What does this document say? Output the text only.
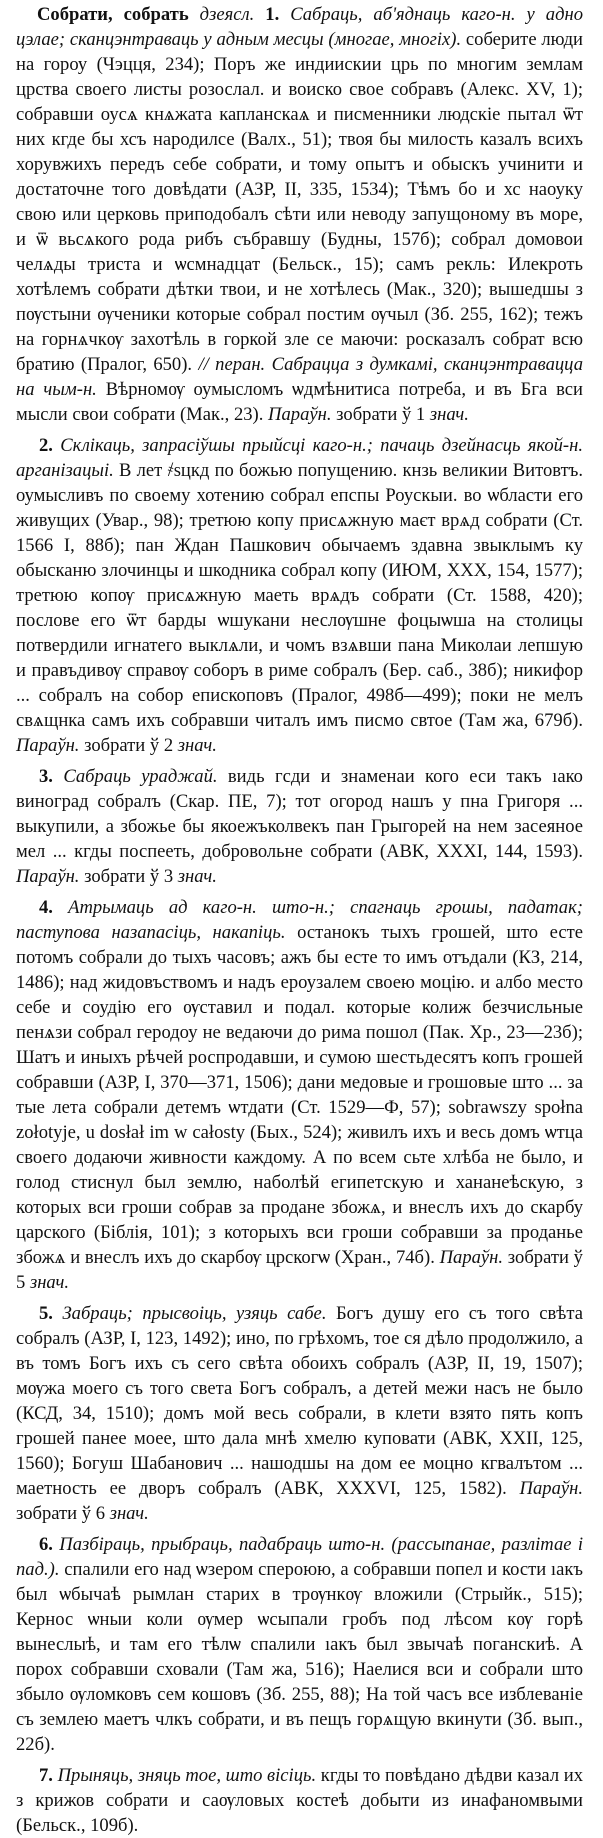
Собрати, собрать дзеясл. 1. Сабраць, аб'яднаць каго-н. у адно цэлае; сканцэнтраваць у адным месцы (многае, многіх). соберите люди на гороу (Чэцця, 234); Поръ же индиискии црь по многим землам црства своего листы розослал. и воиско свое собравъ (Алекс. XV, 1); собравши оусѧ кнѧжата капланскаѧ и писменники людскіе пытал ѿт них кгде бы хсъ народилсе (Валх., 51); твоя бы милость казалъ всихъ хорувжихъ передъ себе собрати, и тому опытъ и обыскъ учинити и достаточне того довѣдати (АЗР, II, 335, 1534); Тѣмъ бо и хс наоуку свою или церковь приподобалъ сѣти или неводу запущоному въ море, и ѿ вьсѧкого рода рибъ събравшу (Будны, 157б); собрал домовои челѧды триста и ѡсмнадцат (Бельск., 15); самъ рекль: Илекроть хотѣлемъ собрати дѣтки твои, и не хотѣлесь (Мак., 320); вышедшы з пѹстыни ѹченики которые собрал постим ѹчыл (Зб. 255, 162); тежъ на горнѧчкѹ захотѣль в горкой зле се маючи: росказалъ собрат всю братию (Пралог, 650). // перан. Сабрацца з думкамі, сканцэнтравацца на чым-н. Вѣрномѹ оумысломъ ѡдмѣнитиса потреба, и въ Бга вси мысли свои собрати (Мак., 23). Параўн. зобрати ў 1 знач.

2. Склікаць, запрасіўшы прыйсці каго-н.; пачаць дзейнасць якой-н. арганізацыі. В лет ҂ѕцкд по божью попущению. кнзь великии Витовтъ. оумысливъ по своему хотению собрал епспы Роускыи. во ѡбласти его живущих (Увар., 98); третюю копу присѧжную маєт врѧд собрати (Ст. 1566 I, 88б); пан Ждан Пашкович обычаемъ здавна звыклымъ ку обысканю злочинцы и шкодника собрал копу (ИЮМ, XXX, 154, 1577); третюю копѹ присѧжную маеть врѧдъ собрати (Ст. 1588, 420); послове его ѿт барды ѡшукани неслѹшне фоцыѡша на столицы потвердили игнатего выклѧли, и чомъ взѧвши пана Миколаи лепшую и правъдивѹ справѹ соборъ в риме собралъ (Бер. саб., 38б); никифор ... собралъ на собор епископовъ (Пралог, 498б—499); поки не мелъ свѧщнка самъ ихъ собравши читалъ имъ писмо свтое (Там жа, 679б). Параўн. зобрати ў 2 знач.

3. Сабраць ураджай. видь гсди и знаменаи кого еси такъ ıако виноград собралъ (Скар. ПЕ, 7); тот огород нашъ у пна Григоря ... выкупили, а збожье бы якоежъколвекъ пан Грыгорей на нем засеяное мел ... кгды поспееть, добровольне собрати (АВК, XXXI, 144, 1593). Параўн. зобрати ў 3 знач.

4. Атрымаць ад каго-н. што-н.; спагнаць грошы, падатак; паступова назапасіць, накапіць. останокъ тыхъ грошей, што есте потомъ собрали до тыхъ часовъ; ажъ бы есте то имъ отъдали (КЗ, 214, 1486); над жидовъствомъ и надъ ероузалем своею моцію. и албо место себе и соудію его ѹставил и подал. которые колиж безчисльные пенѧзи собрал геродоу не ведаючи до рима пошол (Пак. Хр., 23—23б); Шатъ и иныхъ рѣчей роспродавши, и сумою шестьдесятъ копъ грошей собравши (АЗР, I, 370—371, 1506); дани медовые и грошовые што ... за тые лета собрали детемъ ѡтдати (Ст. 1529—Ф, 57); sobrawszy społna zołotyje, u dosłał im w całosty (Бых., 524); живилъ ихъ и весь домъ ѡтца своего додаючи живности каждому. А по всем сьте хлѣба не было, и голод стиснул был землю, наболѣй египетскую и хананеѣскую, з которых вси гроши собрав за продане збожѧ, и внеслъ ихъ до скарбу царского (Біблія, 101); з которыхъ вси гроши собравши за проданье збожѧ и внеслъ ихъ до скарбѹ црскогѡ (Хран., 74б). Параўн. зобрати ў 5 знач.

5. Забраць; прысвоіць, узяць сабе. Богъ душу его съ того свѣта собралъ (АЗР, I, 123, 1492); ино, по грѣхомъ, тое ся дѣло продолжило, а въ томъ Богъ ихъ съ сего свѣта обоихъ собралъ (АЗР, II, 19, 1507); мѹжа моего съ того света Богъ собралъ, а детей межи насъ не было (КСД, 34, 1510); домъ мой весь собрали, в клети взято пять копъ грошей панее моее, што дала мнѣ хмелю куповати (АВК, XXII, 125, 1560); Богуш Шабанович ... нашодшы на дом ее моцно кгвалътом ... маетность ее дворъ собралъ (АВК, XXXVI, 125, 1582). Параўн. зобрати ў 6 знач.

6. Пазбіраць, прыбраць, падабраць што-н. (рассыпанае, разлітае і пад.). спалили его над ѡзером спероюю, а собравши попел и кости ıакъ был ѡбычаѣ рымлан старих в трѹнкѹ вложили (Стрыйк., 515); Кернос ѡныи коли ѹмер ѡсыпали гробъ под лѣсом кѹ горѣ вынеслыѣ, и там его тѣлѡ спалили ıакъ был звычаѣ поганскиѣ. А порох собравши сховали (Там жа, 516); Наелися вси и собрали што збыло ѹломковъ сем кошовъ (Зб. 255, 88); На той часъ все изблеванiе съ землею маетъ члкъ собрати, и въ пещъ горѧщую вкинути (Зб. вып., 22б).

7. Прыняць, зняць тое, што вісіць. кгды то повѣдано дѣдви казал их з крижов собрати и саѹловых костеѣ добыти из инафаномвыми (Бельск., 109б).
